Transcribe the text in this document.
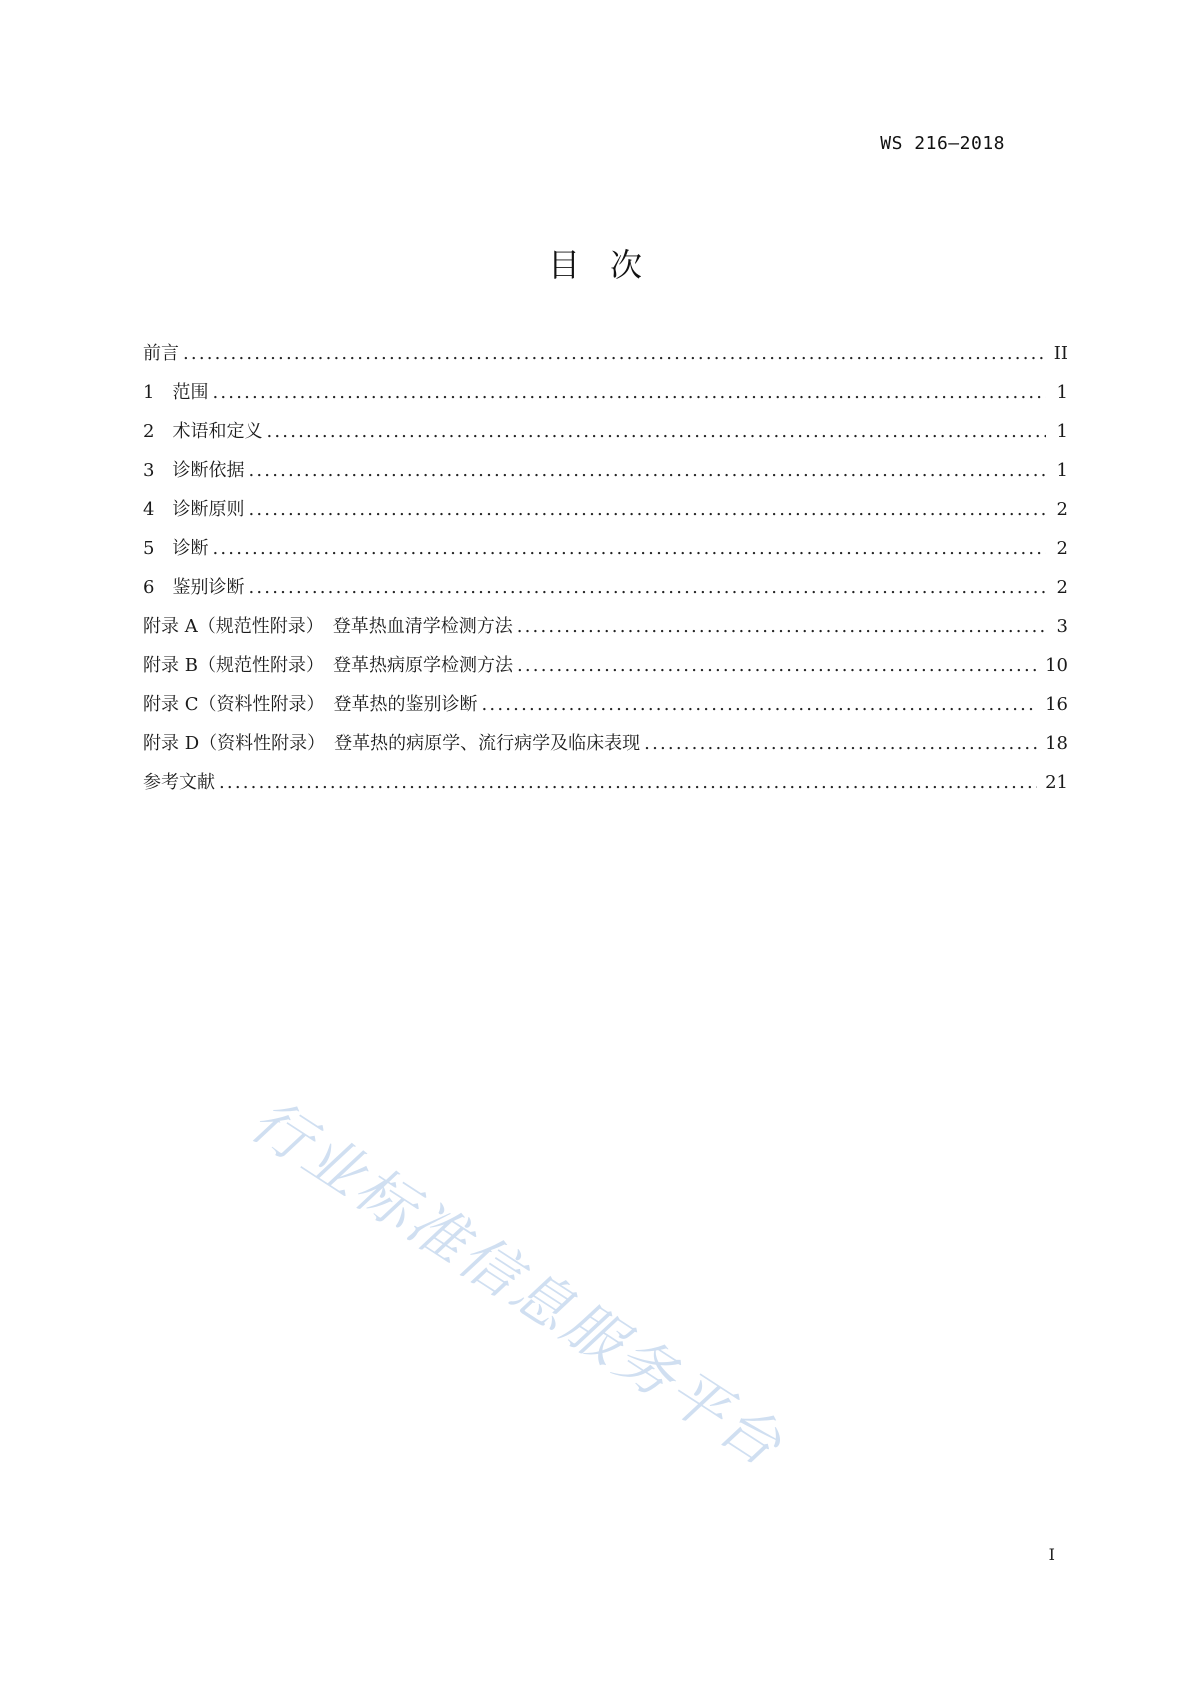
WS 216—2018
目次
前言 .....	II
1　范围 .....	1
2　术语和定义 .....	1
3　诊断依据 .....	1
4　诊断原则 .....	2
5　诊断 .....	2
6　鉴别诊断 .....	2
附录 A（规范性附录）　登革热血清学检测方法 .....	3
附录 B（规范性附录）　登革热病原学检测方法 .....	10
附录 C（资料性附录）　登革热的鉴别诊断 .....	16
附录 D（资料性附录）　登革热的病原学、流行病学及临床表现 .....	18
参考文献 .....	21
行业标准信息服务平台
I
